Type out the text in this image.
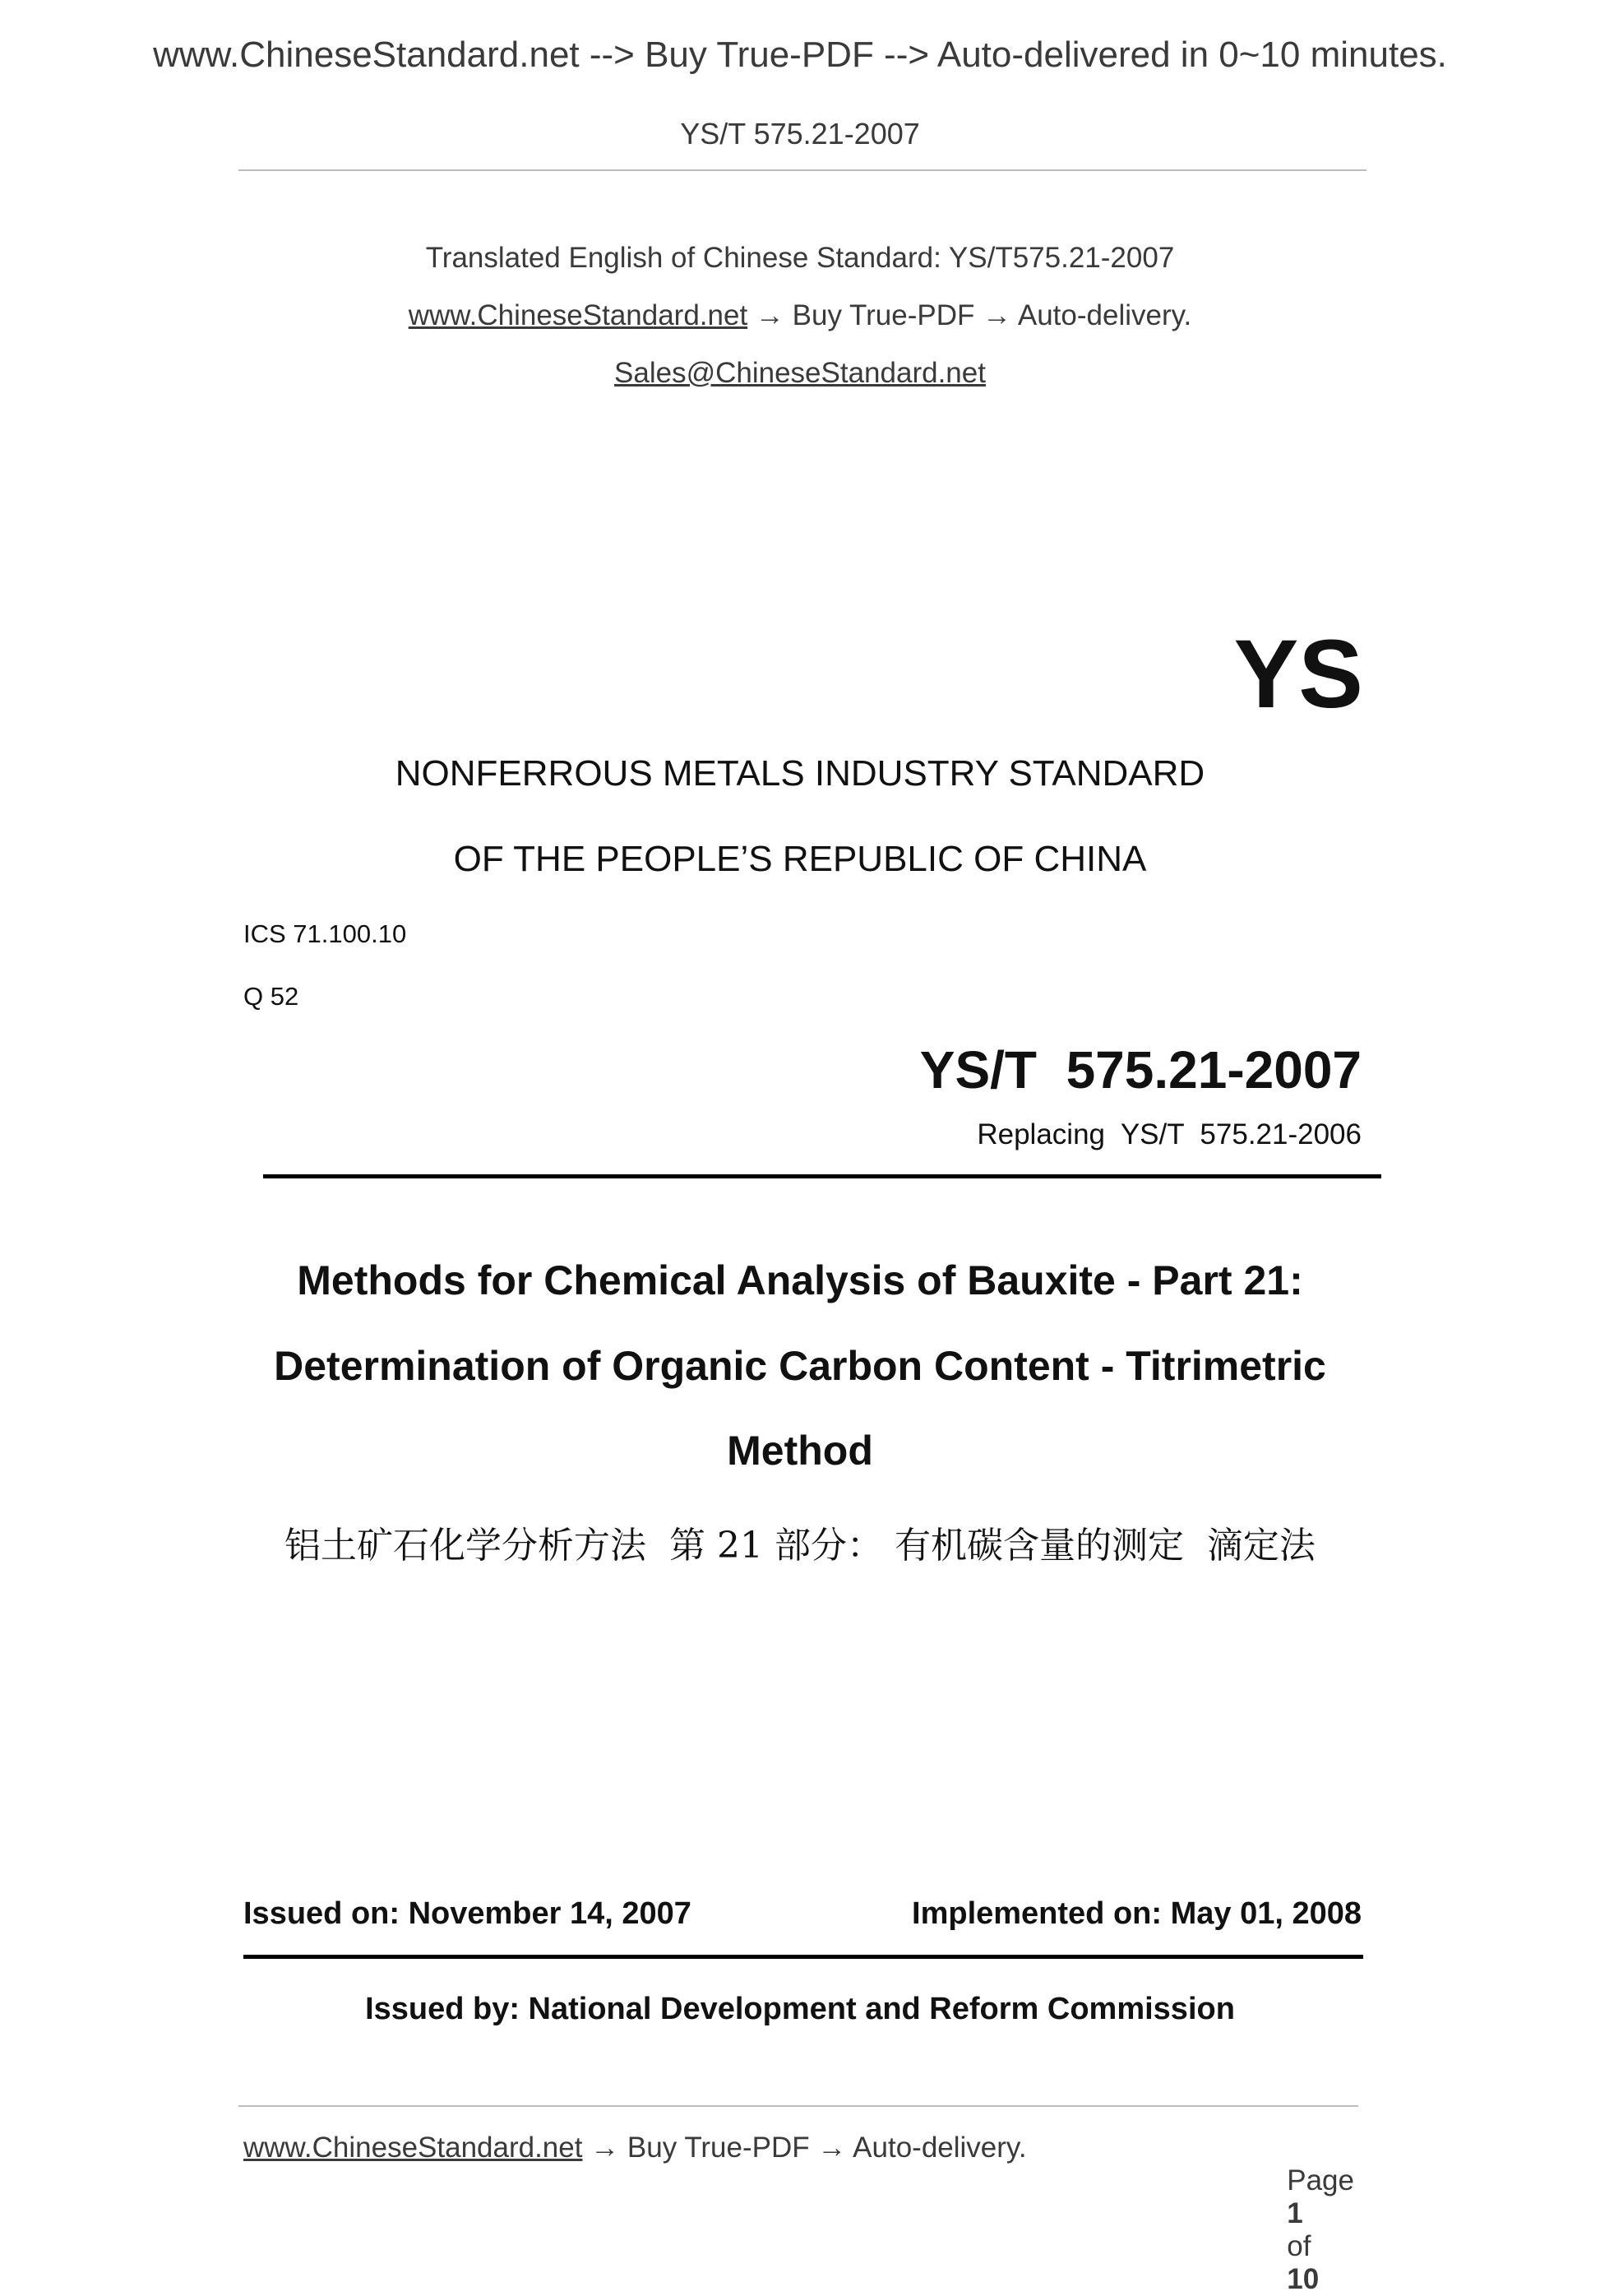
www.ChineseStandard.net --> Buy True-PDF --> Auto-delivered in 0~10 minutes.
YS/T 575.21-2007
Translated English of Chinese Standard: YS/T575.21-2007
www.ChineseStandard.net → Buy True-PDF → Auto-delivery.
Sales@ChineseStandard.net
YS
NONFERROUS METALS INDUSTRY STANDARD
OF THE PEOPLE’S REPUBLIC OF CHINA
ICS 71.100.10
Q 52
YS/T  575.21-2007
Replacing  YS/T  575.21-2006
Methods for Chemical Analysis of Bauxite - Part 21:
Determination of Organic Carbon Content - Titrimetric
Method
铝土矿石化学分析方法  第 21 部分： 有机碳含量的测定  滴定法
Issued on: November 14, 2007	Implemented on: May 01, 2008
Issued by: National Development and Reform Commission
www.ChineseStandard.net → Buy True-PDF → Auto-delivery.

Page
1
of
10
